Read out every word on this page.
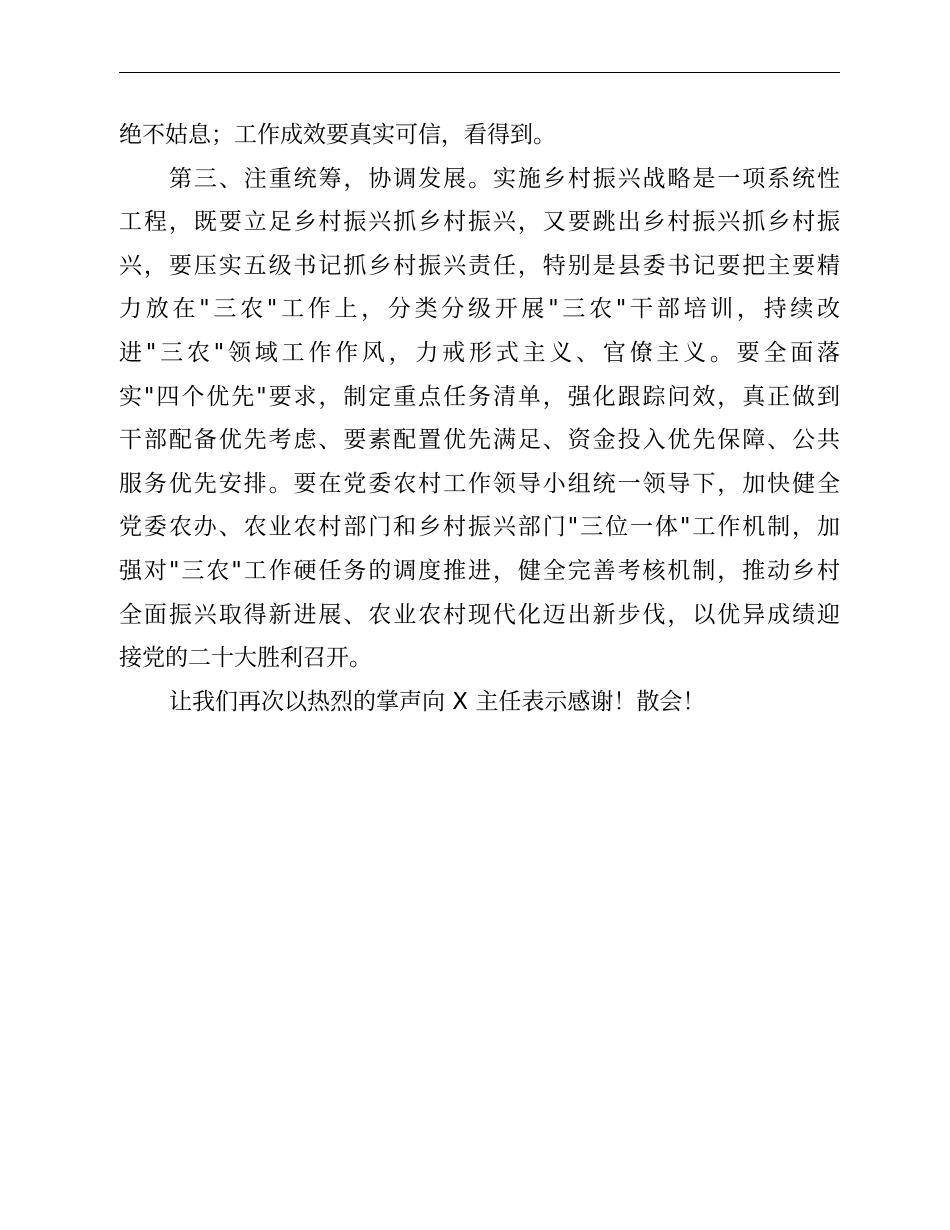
绝不姑息；工作成效要真实可信，看得到。
第三、注重统筹，协调发展。实施乡村振兴战略是一项系统性
工程，既要立足乡村振兴抓乡村振兴，又要跳出乡村振兴抓乡村振
兴，要压实五级书记抓乡村振兴责任，特别是县委书记要把主要精
力放在"三农"工作上，分类分级开展"三农"干部培训，持续改
进"三农"领域工作作风，力戒形式主义、官僚主义。要全面落
实"四个优先"要求，制定重点任务清单，强化跟踪问效，真正做到
干部配备优先考虑、要素配置优先满足、资金投入优先保障、公共
服务优先安排。要在党委农村工作领导小组统一领导下，加快健全
党委农办、农业农村部门和乡村振兴部门"三位一体"工作机制，加
强对"三农"工作硬任务的调度推进，健全完善考核机制，推动乡村
全面振兴取得新进展、农业农村现代化迈出新步伐，以优异成绩迎
接党的二十大胜利召开。
让我们再次以热烈的掌声向 X 主任表示感谢！散会！
